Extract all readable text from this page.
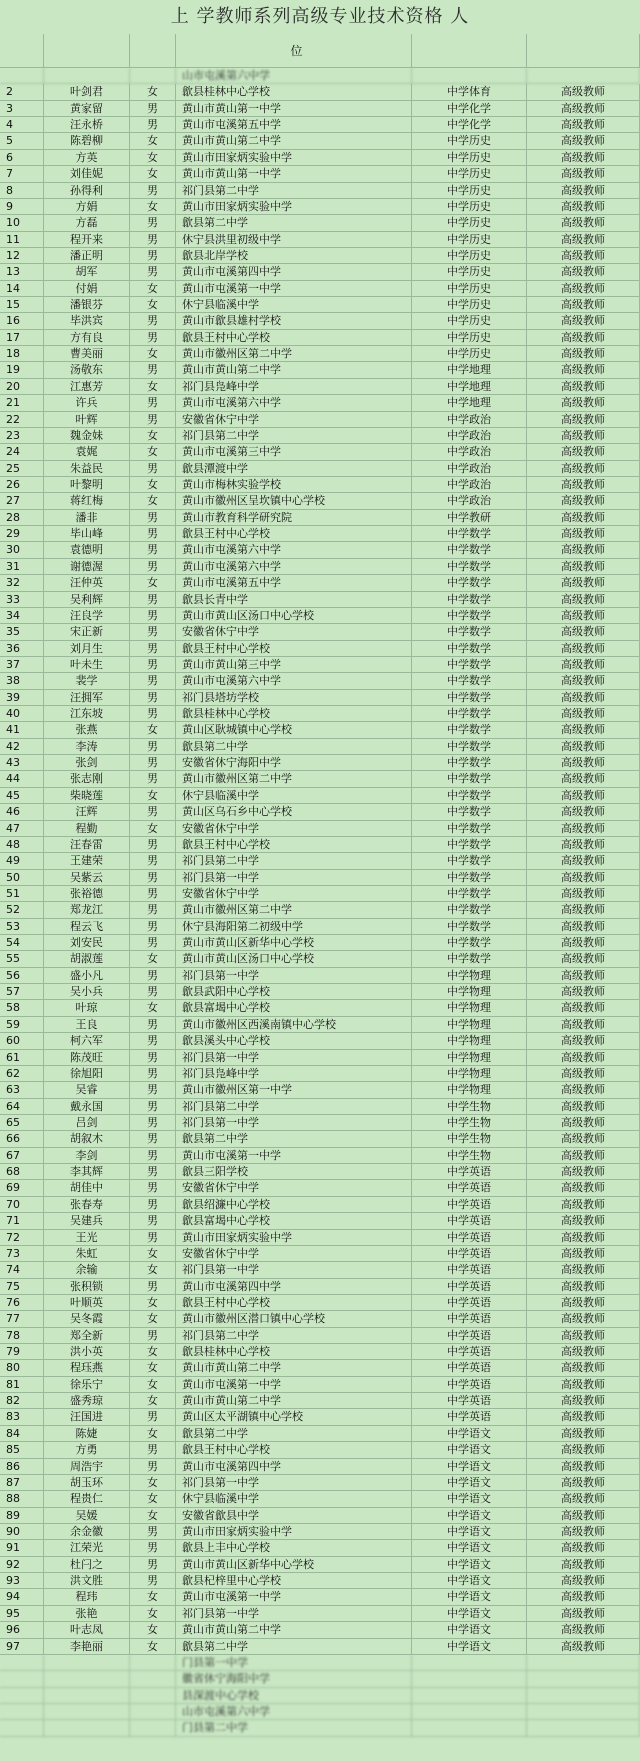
上 学教师系列高级专业技术资格 人
位
山市屯溪第六中学
2	叶剑君	女	歙县桂林中心学校	中学体育	高级教师
3	黄家留	男	黄山市黄山第一中学	中学化学	高级教师
4	汪永桥	男	黄山市屯溪第五中学	中学化学	高级教师
5	陈碧柳	女	黄山市黄山第二中学	中学历史	高级教师
6	方英	女	黄山市田家炳实验中学	中学历史	高级教师
7	刘佳妮	女	黄山市黄山第一中学	中学历史	高级教师
8	孙得利	男	祁门县第二中学	中学历史	高级教师
9	方娟	女	黄山市田家炳实验中学	中学历史	高级教师
10	方磊	男	歙县第二中学	中学历史	高级教师
11	程开来	男	休宁县洪里初级中学	中学历史	高级教师
12	潘正明	男	歙县北岸学校	中学历史	高级教师
13	胡军	男	黄山市屯溪第四中学	中学历史	高级教师
14	付娟	女	黄山市屯溪第一中学	中学历史	高级教师
15	潘银芬	女	休宁县临溪中学	中学历史	高级教师
16	毕洪宾	男	黄山市歙县雄村学校	中学历史	高级教师
17	方有良	男	歙县王村中心学校	中学历史	高级教师
18	曹美丽	女	黄山市徽州区第二中学	中学历史	高级教师
19	汤敬东	男	黄山市黄山第二中学	中学地理	高级教师
20	江惠芳	女	祁门县凫峰中学	中学地理	高级教师
21	许兵	男	黄山市屯溪第六中学	中学地理	高级教师
22	叶辉	男	安徽省休宁中学	中学政治	高级教师
23	魏金妹	女	祁门县第二中学	中学政治	高级教师
24	袁娓	女	黄山市屯溪第三中学	中学政治	高级教师
25	朱益民	男	歙县潭渡中学	中学政治	高级教师
26	叶黎明	女	黄山市梅林实验学校	中学政治	高级教师
27	蒋红梅	女	黄山市徽州区呈坎镇中心学校	中学政治	高级教师
28	潘非	男	黄山市教育科学研究院	中学教研	高级教师
29	毕山峰	男	歙县王村中心学校	中学数学	高级教师
30	袁德明	男	黄山市屯溪第六中学	中学数学	高级教师
31	谢德渥	男	黄山市屯溪第六中学	中学数学	高级教师
32	汪仲英	女	黄山市屯溪第五中学	中学数学	高级教师
33	吴利辉	男	歙县长青中学	中学数学	高级教师
34	汪良学	男	黄山市黄山区汤口中心学校	中学数学	高级教师
35	宋正新	男	安徽省休宁中学	中学数学	高级教师
36	刘月生	男	歙县王村中心学校	中学数学	高级教师
37	叶未生	男	黄山市黄山第三中学	中学数学	高级教师
38	裴学	男	黄山市屯溪第六中学	中学数学	高级教师
39	汪拥军	男	祁门县塔坊学校	中学数学	高级教师
40	江东坡	男	歙县桂林中心学校	中学数学	高级教师
41	张燕	女	黄山区耿城镇中心学校	中学数学	高级教师
42	李涛	男	歙县第二中学	中学数学	高级教师
43	张剑	男	安徽省休宁海阳中学	中学数学	高级教师
44	张志刚	男	黄山市徽州区第二中学	中学数学	高级教师
45	柴晓莲	女	休宁县临溪中学	中学数学	高级教师
46	汪辉	男	黄山区乌石乡中心学校	中学数学	高级教师
47	程勤	女	安徽省休宁中学	中学数学	高级教师
48	汪春雷	男	歙县王村中心学校	中学数学	高级教师
49	王建荣	男	祁门县第二中学	中学数学	高级教师
50	吴紫云	男	祁门县第一中学	中学数学	高级教师
51	张裕德	男	安徽省休宁中学	中学数学	高级教师
52	郑龙江	男	黄山市徽州区第二中学	中学数学	高级教师
53	程云飞	男	休宁县海阳第二初级中学	中学数学	高级教师
54	刘安民	男	黄山市黄山区新华中心学校	中学数学	高级教师
55	胡淑莲	女	黄山市黄山区汤口中心学校	中学数学	高级教师
56	盛小凡	男	祁门县第一中学	中学物理	高级教师
57	吴小兵	男	歙县武阳中心学校	中学物理	高级教师
58	叶琼	女	歙县富堨中心学校	中学物理	高级教师
59	王良	男	黄山市徽州区西溪南镇中心学校	中学物理	高级教师
60	柯六军	男	歙县溪头中心学校	中学物理	高级教师
61	陈茂旺	男	祁门县第一中学	中学物理	高级教师
62	徐旭阳	男	祁门县凫峰中学	中学物理	高级教师
63	吴睿	男	黄山市徽州区第一中学	中学物理	高级教师
64	戴永国	男	祁门县第二中学	中学生物	高级教师
65	吕剑	男	祁门县第一中学	中学生物	高级教师
66	胡叙木	男	歙县第二中学	中学生物	高级教师
67	李剑	男	黄山市屯溪第一中学	中学生物	高级教师
68	李其辉	男	歙县三阳学校	中学英语	高级教师
69	胡佳中	男	安徽省休宁中学	中学英语	高级教师
70	张春寿	男	歙县绍濂中心学校	中学英语	高级教师
71	吴建兵	男	歙县富堨中心学校	中学英语	高级教师
72	王光	男	黄山市田家炳实验中学	中学英语	高级教师
73	朱虹	女	安徽省休宁中学	中学英语	高级教师
74	余输	女	祁门县第一中学	中学英语	高级教师
75	张积锁	男	黄山市屯溪第四中学	中学英语	高级教师
76	叶顺英	女	歙县王村中心学校	中学英语	高级教师
77	吴冬霞	女	黄山市徽州区潜口镇中心学校	中学英语	高级教师
78	郑全新	男	祁门县第二中学	中学英语	高级教师
79	洪小英	女	歙县桂林中心学校	中学英语	高级教师
80	程珏燕	女	黄山市黄山第二中学	中学英语	高级教师
81	徐乐宁	女	黄山市屯溪第一中学	中学英语	高级教师
82	盛秀琼	女	黄山市黄山第二中学	中学英语	高级教师
83	汪国进	男	黄山区太平湖镇中心学校	中学英语	高级教师
84	陈婕	女	歙县第二中学	中学语文	高级教师
85	方勇	男	歙县王村中心学校	中学语文	高级教师
86	周浩宇	男	黄山市屯溪第四中学	中学语文	高级教师
87	胡玉环	女	祁门县第一中学	中学语文	高级教师
88	程贵仁	女	休宁县临溪中学	中学语文	高级教师
89	吴媛	女	安徽省歙县中学	中学语文	高级教师
90	余金徽	男	黄山市田家炳实验中学	中学语文	高级教师
91	江荣光	男	歙县上丰中心学校	中学语文	高级教师
92	杜闩之	男	黄山市黄山区新华中心学校	中学语文	高级教师
93	洪文胜	男	歙县杞梓里中心学校	中学语文	高级教师
94	程玮	女	黄山市屯溪第一中学	中学语文	高级教师
95	张艳	女	祁门县第一中学	中学语文	高级教师
96	叶志凤	女	黄山市黄山第二中学	中学语文	高级教师
97	李艳丽	女	歙县第二中学	中学语文	高级教师
门县第一中学
徽省休宁海阳中学
县深渡中心学校
山市屯溪第六中学
门县第二中学
